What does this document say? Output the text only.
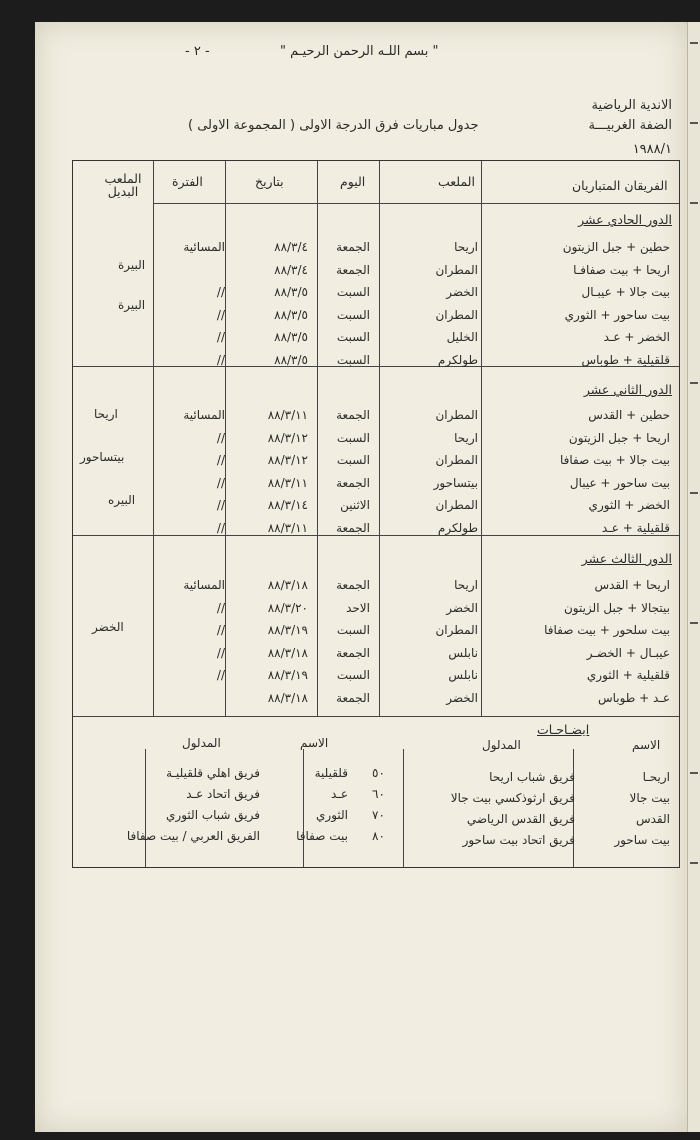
" بسم اللـه الرحمن الرحيـم "
- ٢ -
الاندية الرياضية
الضفة الغربيـــة
جدول مباريات فرق الدرجة الاولى ( المجموعة الاولى )
١٩٨٨/١
الفريقان المتباريان
الملعب
اليوم
بتاريخ
الفترة
الملعب البديل
الدور الحادي عشر
حطين + جبل الزيتون
اريحا
الجمعة
٨٨/٣/٤
المسائية
اريحا + بيت صفافـا
المطران
الجمعة
٨٨/٣/٤
بيت جالا + عيبـال
الخضر
السبت
٨٨/٣/٥
//
بيت ساحور + الثوري
المطران
السبت
٨٨/٣/٥
//
الخضر + عـد
الخليل
السبت
٨٨/٣/٥
//
قلقيلية + طوباس
طولكرم
السبت
٨٨/٣/٥
//
البيرة
البيرة
الدور الثاني عشر
حطين + القدس
المطران
الجمعة
٨٨/٣/١١
المسائية
اريحا + جبل الزيتون
اريحا
السبت
٨٨/٣/١٢
//
بيت جالا + بيت صفافا
المطران
السبت
٨٨/٣/١٢
//
بيت ساحور + عيبال
بيتساحور
الجمعة
٨٨/٣/١١
//
الخضر + الثوري
المطران
الاثنين
٨٨/٣/١٤
//
قلقيلية + عـد
طولكرم
الجمعة
٨٨/٣/١١
//
اريحا
بيتساحور
البيره
الدور الثالث عشر
اريحا + القدس
اريحا
الجمعة
٨٨/٣/١٨
المسائية
بيتجالا + جبل الزيتون
الخضر
الاحد
٨٨/٣/٢٠
//
بيت سلحور + بيت صفافا
المطران
السبت
٨٨/٣/١٩
//
عيبـال + الخضـر
نابلس
الجمعة
٨٨/٣/١٨
//
قلقيلية + الثوري
نابلس
السبت
٨٨/٣/١٩
//
عـد + طوباس
الخضر
الجمعة
٨٨/٣/١٨
الخضر
ايضـاحـات
الاسم
المدلول
الاسم
المدلول
اريحـا
فريق شباب اريحا
بيت جالا
فريق ارثوذكسي بيت جالا
القدس
فريق القدس الرياضي
بيت ساحور
فريق اتحاد بيت ساحور
٥٠
قلقيلية
فريق اهلي قلقيليـة
٦٠
عـد
فريق اتحاد عـد
٧٠
الثوري
فريق شباب الثوري
٨٠
بيت صفافا
الفريق العربي / بيت صفافا
